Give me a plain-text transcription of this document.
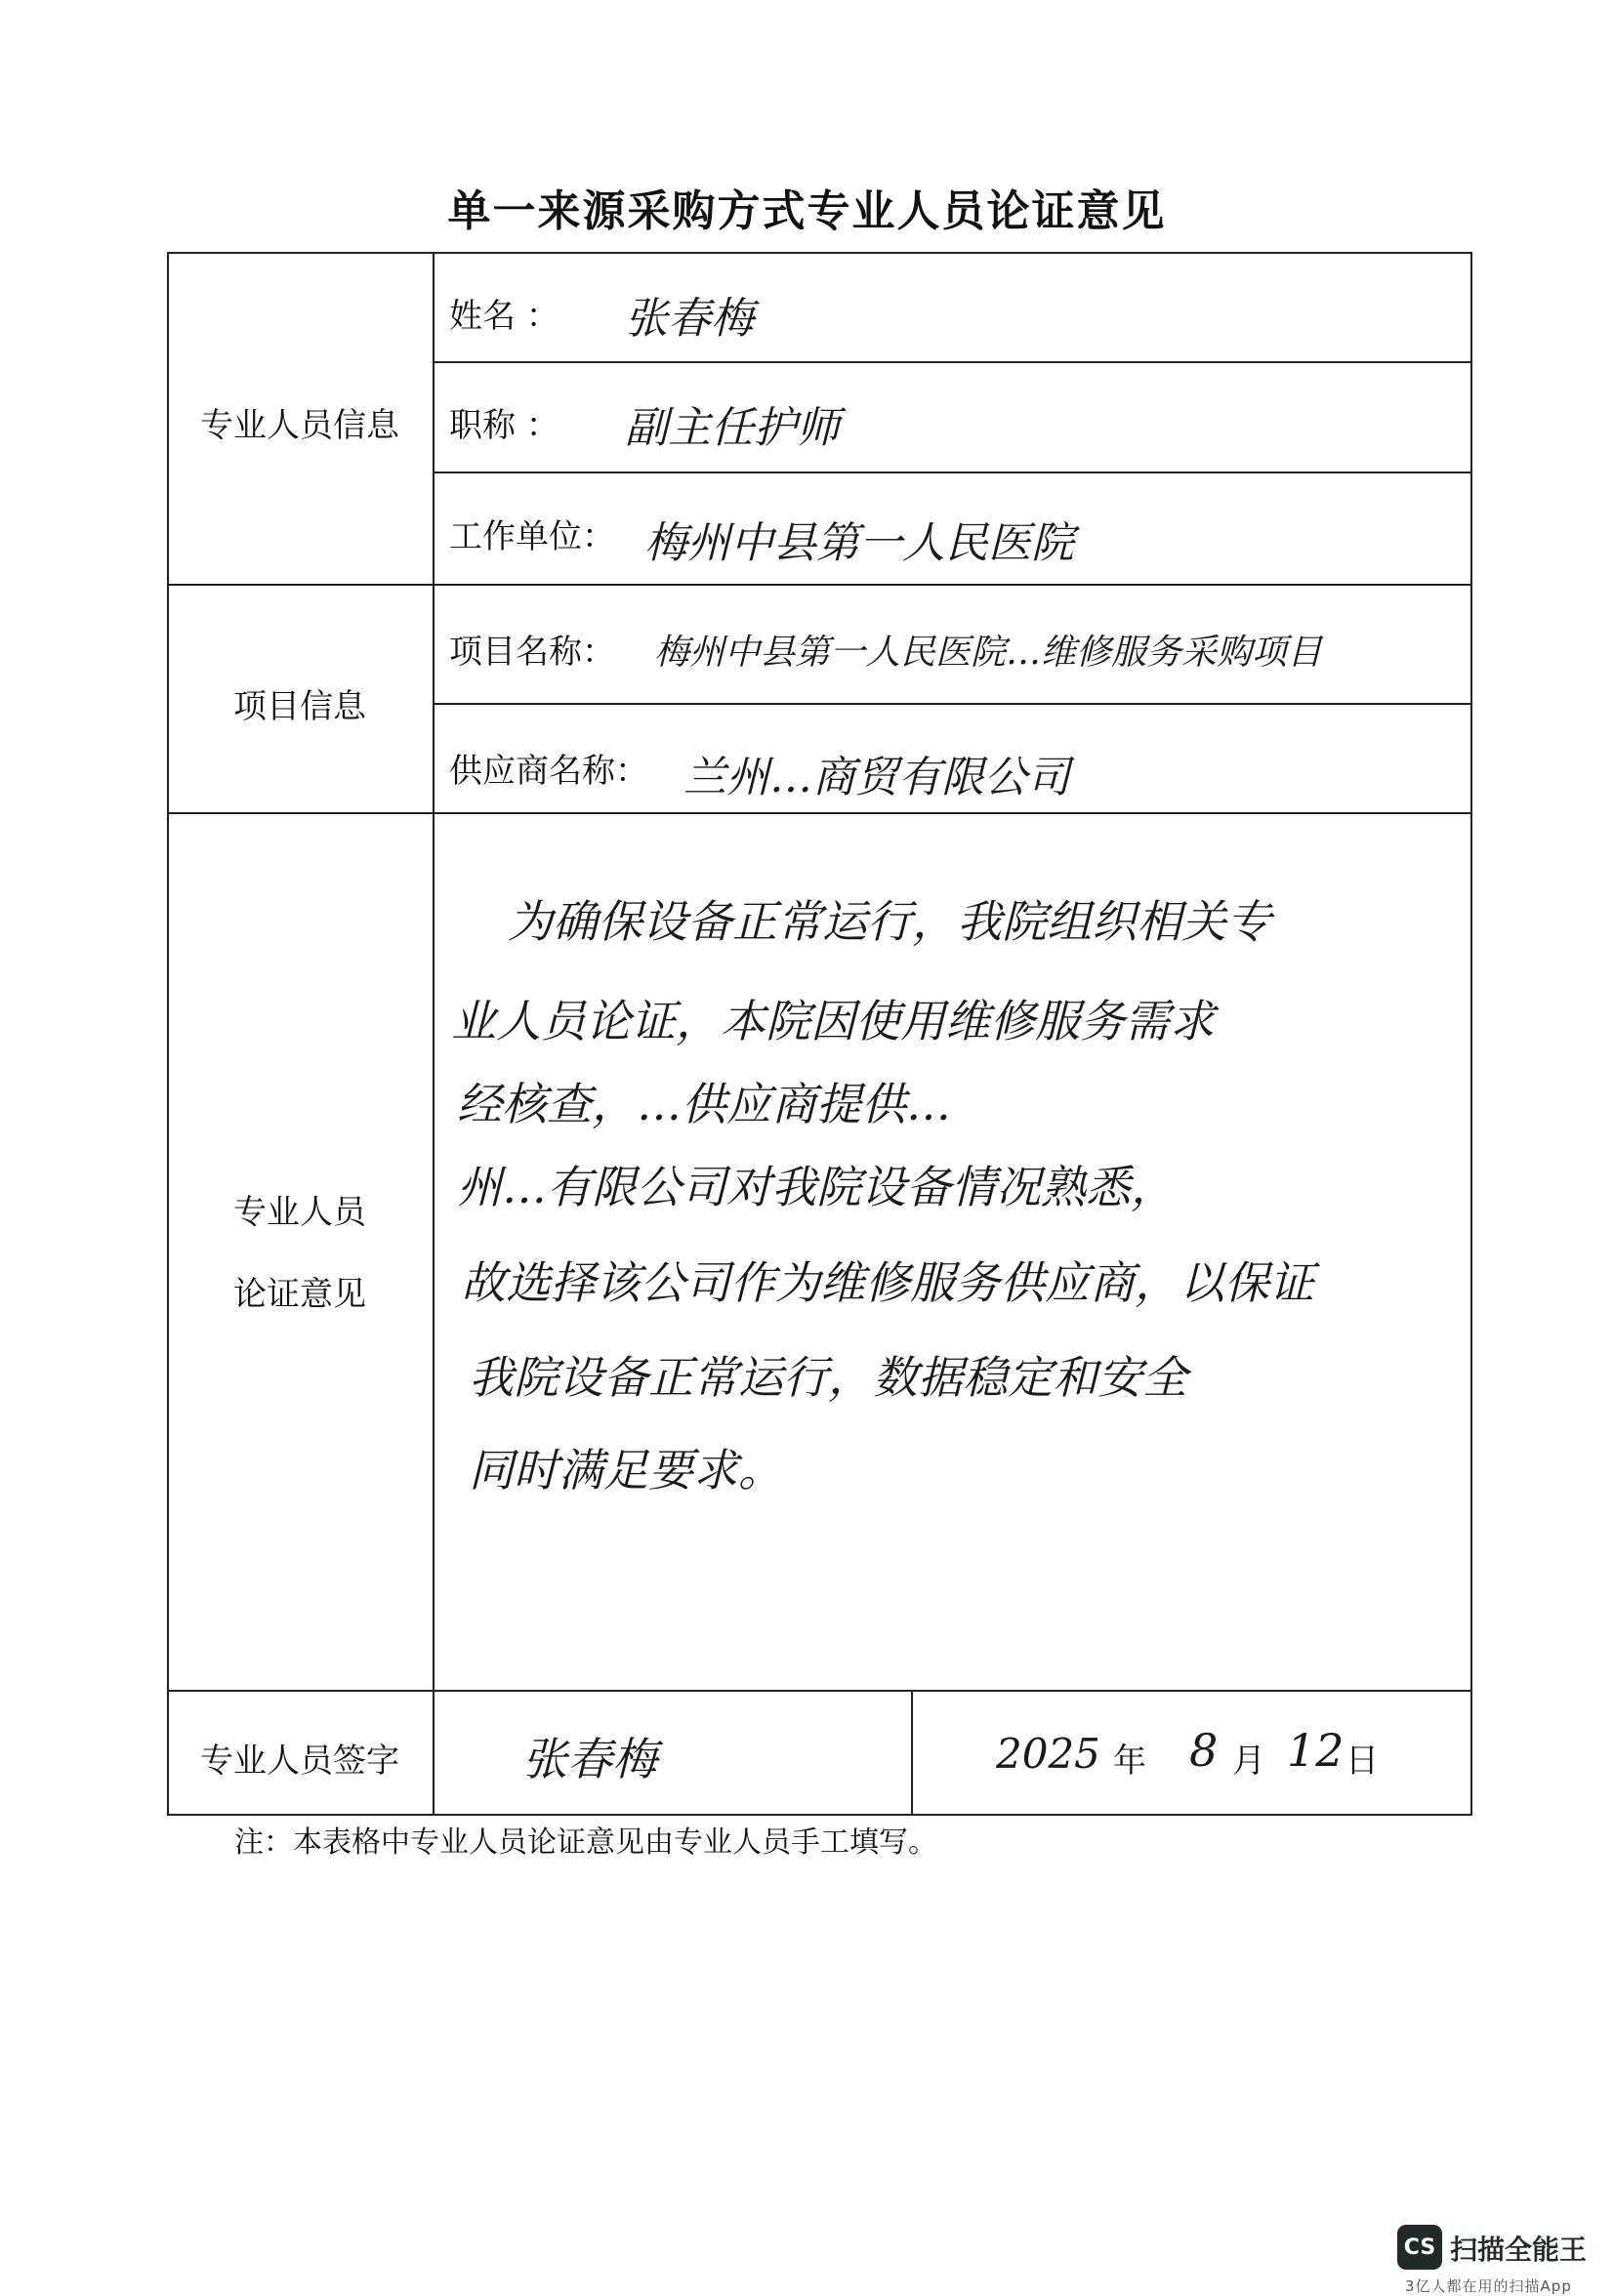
单一来源采购方式专业人员论证意见
专业人员信息
项目信息
专业人员
论证意见
专业人员签字
姓名 ：
职称 ：
工作单位：
项目名称：
供应商名称：
张春梅
副主任护师
梅州中县第一人民医院
梅州中县第一人民医院…维修服务采购项目
兰州…商贸有限公司
为确保设备正常运行，我院组织相关专
业人员论证，本院因使用维修服务需求
经核查，…供应商提供…
州…有限公司对我院设备情况熟悉，
故选择该公司作为维修服务供应商，以保证
我院设备正常运行，数据稳定和安全
同时满足要求。
张春梅	2025 年 8 月 12 日
注：本表格中专业人员论证意见由专业人员手工填写。
CS 扫描全能王
3亿人都在用的扫描App
